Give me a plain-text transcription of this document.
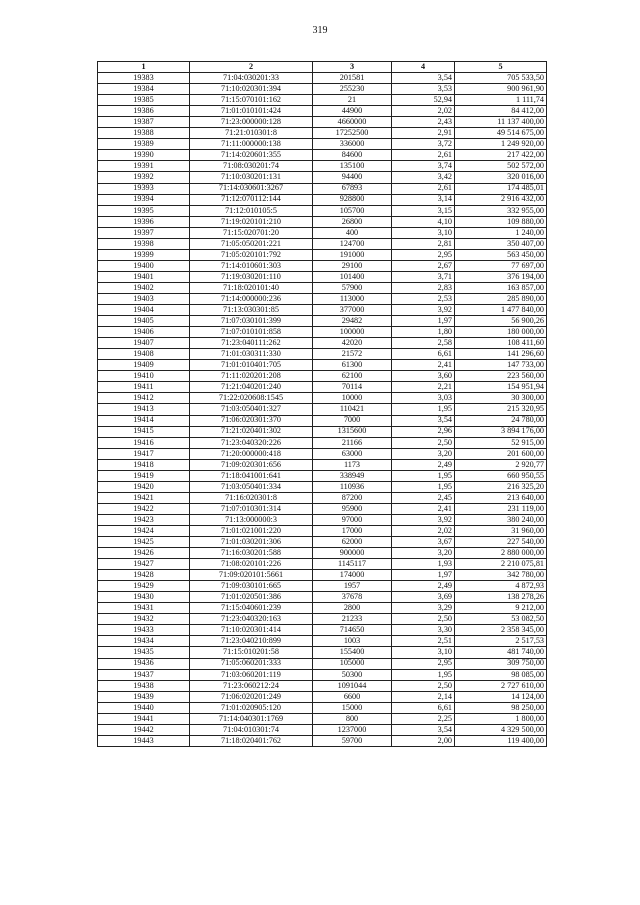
319
1	2	3	4	5
19383	71:04:030201:33	201581	3,54	705 533,50
19384	71:10:020301:394	255230	3,53	900 961,90
19385	71:15:070101:162	21	52,94	1 111,74
19386	71:01:010101:424	44900	2,02	84 412,00
19387	71:23:000000:128	4660000	2,43	11 137 400,00
19388	71:21:010301:8	17252500	2,91	49 514 675,00
19389	71:11:000000:138	336000	3,72	1 249 920,00
19390	71:14:020601:355	84600	2,61	217 422,00
19391	71:08:030201:74	135100	3,74	502 572,00
19392	71:10:030201:131	94400	3,42	320 016,00
19393	71:14:030601:3267	67893	2,61	174 485,01
19394	71:12:070112:144	928800	3,14	2 916 432,00
19395	71:12:010105:5	105700	3,15	332 955,00
19396	71:19:020101:210	26800	4,10	109 880,00
19397	71:15:020701:20	400	3,10	1 240,00
19398	71:05:050201:221	124700	2,81	350 407,00
19399	71:05:020101:792	191000	2,95	563 450,00
19400	71:14:010601:303	29100	2,67	77 697,00
19401	71:19:030201:110	101400	3,71	376 194,00
19402	71:18:020101:40	57900	2,83	163 857,00
19403	71:14:000000:236	113000	2,53	285 890,00
19404	71:13:030301:85	377000	3,92	1 477 840,00
19405	71:07:030101:399	29482	1,97	56 900,26
19406	71:07:010101:858	100000	1,80	180 000,00
19407	71:23:040111:262	42020	2,58	108 411,60
19408	71:01:030311:330	21572	6,61	141 296,60
19409	71:01:010401:705	61300	2,41	147 733,00
19410	71:11:020201:208	62100	3,60	223 560,00
19411	71:21:040201:240	70114	2,21	154 951,94
19412	71:22:020608:1545	10000	3,03	30 300,00
19413	71:03:050401:327	110421	1,95	215 320,95
19414	71:06:020301:370	7000	3,54	24 780,00
19415	71:21:020401:302	1315600	2,96	3 894 176,00
19416	71:23:040320:226	21166	2,50	52 915,00
19417	71:20:000000:418	63000	3,20	201 600,00
19418	71:09:020301:656	1173	2,49	2 920,77
19419	71:18:041001:641	338949	1,95	660 950,55
19420	71:03:050401:334	110936	1,95	216 325,20
19421	71:16:020301:8	87200	2,45	213 640,00
19422	71:07:010301:314	95900	2,41	231 119,00
19423	71:13:000000:3	97000	3,92	380 240,00
19424	71:01:021001:220	17000	2,02	31 960,00
19425	71:01:030201:306	62000	3,67	227 540,00
19426	71:16:030201:588	900000	3,20	2 880 000,00
19427	71:08:020101:226	1145117	1,93	2 210 075,81
19428	71:09:020101:5661	174000	1,97	342 780,00
19429	71:09:030101:665	1957	2,49	4 872,93
19430	71:01:020501:386	37678	3,69	138 278,26
19431	71:15:040601:239	2800	3,29	9 212,00
19432	71:23:040320:163	21233	2,50	53 082,50
19433	71:10:020301:414	714650	3,30	2 358 345,00
19434	71:23:040210:899	1003	2,51	2 517,53
19435	71:15:010201:58	155400	3,10	481 740,00
19436	71:05:060201:333	105000	2,95	309 750,00
19437	71:03:060201:119	50300	1,95	98 085,00
19438	71:23:060212:24	1091044	2,50	2 727 610,00
19439	71:06:020201:249	6600	2,14	14 124,00
19440	71:01:020905:120	15000	6,61	98 250,00
19441	71:14:040301:1769	800	2,25	1 800,00
19442	71:04:010301:74	1237000	3,54	4 329 500,00
19443	71:18:020401:762	59700	2,00	119 400,00
